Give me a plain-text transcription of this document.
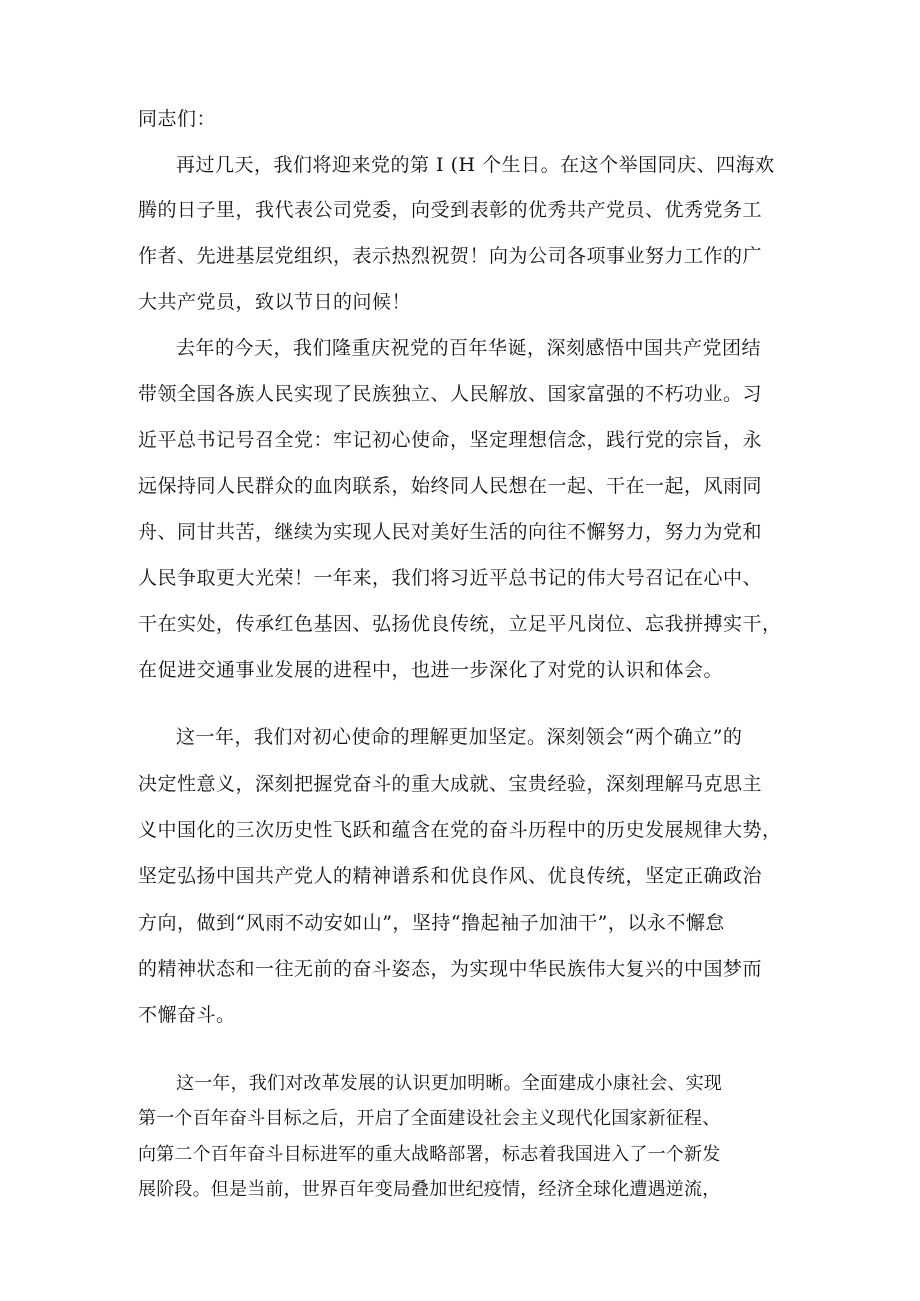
同志们：
再过几天，我们将迎来党的第 I (H 个生日。在这个举国同庆、四海欢
腾的日子里，我代表公司党委，向受到表彰的优秀共产党员、优秀党务工
作者、先进基层党组织，表示热烈祝贺！向为公司各项事业努力工作的广
大共产党员，致以节日的问候！
去年的今天，我们隆重庆祝党的百年华诞，深刻感悟中国共产党团结
带领全国各族人民实现了民族独立、人民解放、国家富强的不朽功业。习
近平总书记号召全党：牢记初心使命，坚定理想信念，践行党的宗旨，永
远保持同人民群众的血肉联系，始终同人民想在一起、干在一起，风雨同
舟、同甘共苦，继续为实现人民对美好生活的向往不懈努力，努力为党和
人民争取更大光荣！一年来，我们将习近平总书记的伟大号召记在心中、
干在实处，传承红色基因、弘扬优良传统，立足平凡岗位、忘我拼搏实干，
在促进交通事业发展的进程中，也进一步深化了对党的认识和体会。
这一年，我们对初心使命的理解更加坚定。深刻领会“两个确立”的
决定性意义，深刻把握党奋斗的重大成就、宝贵经验，深刻理解马克思主
义中国化的三次历史性飞跃和蕴含在党的奋斗历程中的历史发展规律大势，
坚定弘扬中国共产党人的精神谱系和优良作风、优良传统，坚定正确政治
方向，做到“风雨不动安如山”，坚持“撸起袖子加油干”，以永不懈怠
的精神状态和一往无前的奋斗姿态，为实现中华民族伟大复兴的中国梦而
不懈奋斗。
这一年，我们对改革发展的认识更加明晰。全面建成小康社会、实现
第一个百年奋斗目标之后，开启了全面建设社会主义现代化国家新征程、
向第二个百年奋斗目标进军的重大战略部署，标志着我国进入了一个新发
展阶段。但是当前，世界百年变局叠加世纪疫情，经济全球化遭遇逆流，
